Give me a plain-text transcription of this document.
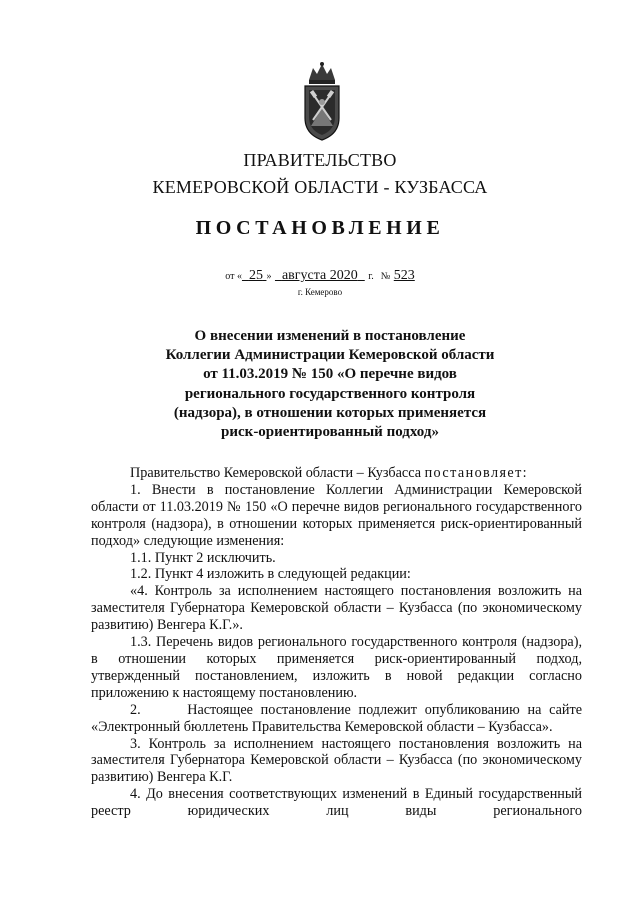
ПРАВИТЕЛЬСТВО
КЕМЕРОВСКОЙ ОБЛАСТИ - КУЗБАССА
ПОСТАНОВЛЕНИЕ
от « 25 » августа 2020 г. № 523
г. Кемерово
О внесении изменений в постановление
Коллегии Администрации Кемеровской области
от 11.03.2019 № 150 «О перечне видов
регионального государственного контроля
(надзора), в отношении которых применяется
риск-ориентированный подход»

Правительство Кемеровской области – Кузбасса постановляет:

1. Внести в постановление Коллегии Администрации Кемеровской области от 11.03.2019 № 150 «О перечне видов регионального государственного контроля (надзора), в отношении которых применяется риск-ориентированный подход» следующие изменения:

1.1. Пункт 2 исключить.

1.2. Пункт 4 изложить в следующей редакции:

«4. Контроль за исполнением настоящего постановления возложить на заместителя Губернатора Кемеровской области – Кузбасса (по экономическому развитию) Венгера К.Г.».

1.3. Перечень видов регионального государственного контроля (надзора), в отношении которых применяется риск-ориентированный подход, утвержденный постановлением, изложить в новой редакции согласно приложению к настоящему постановлению.

2.      Настоящее постановление подлежит опубликованию на сайте «Электронный бюллетень Правительства Кемеровской области – Кузбасса».

3. Контроль за исполнением настоящего постановления возложить на заместителя Губернатора Кемеровской области – Кузбасса (по экономическому развитию) Венгера К.Г.

4. До внесения соответствующих изменений в Единый государственный реестр юридических лиц виды регионального
